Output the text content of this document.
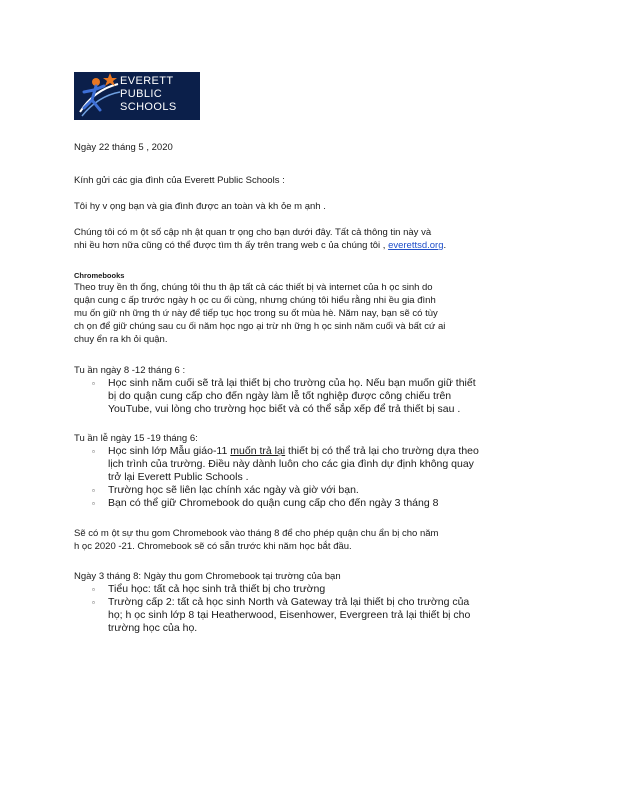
EVERETT
PUBLIC
SCHOOLS

Ngày 22 tháng 5 , 2020

Kính gửi các gia đình của Everett Public Schools :

Tôi hy v ọng bạn và gia đình được an toàn và kh ỏe m ạnh .

Chúng tôi có m ột số cập nh ật quan tr ọng cho bạn dưới đây. Tất cả thông tin này và
nhi ều hơn nữa cũng có thể được tìm th ấy trên trang web c ủa chúng tôi , everettsd.org.
Chromebooks
Theo truy ền th ống, chúng tôi thu th ập tất cả các thiết bị và internet của h ọc sinh do
quận cung c ấp trước ngày h ọc cu ối cùng, nhưng chúng tôi hiểu rằng nhi ều gia đình
mu ốn giữ nh ững th ứ này để tiếp tục học trong su ốt mùa hè. Năm nay, bạn sẽ có tùy
ch ọn để giữ chúng sau cu ối năm học ngo ại trừ nh ững h ọc sinh năm cuối và bất cứ ai
chuy ển ra kh ỏi quận.
Tu ần ngày 8 -12 tháng 6 :
▫ Học sinh năm cuối sẽ trả lại thiết bị cho trường của họ. Nếu bạn muốn giữ thiết
bị do quận cung cấp cho đến ngày làm lễ tốt nghiệp được công chiếu trên
YouTube, vui lòng cho trường học biết và có thể sắp xếp để trả thiết bị sau .
Tu ần lễ ngày 15 -19 tháng 6:
▫ Học sinh lớp Mẫu giáo-11 muốn trả lại thiết bị có thể trả lại cho trường dựa theo
lịch trình của trường. Điều này dành luôn cho các gia đình dự định không quay
trở lại Everett Public Schools .
▫ Trường học sẽ liên lạc chính xác ngày và giờ với bạn.
▫ Bạn có thể giữ Chromebook do quận cung cấp cho đến ngày 3 tháng 8
Sẽ có m ột sự thu gom Chromebook vào tháng 8 để cho phép quận chu ẩn bị cho năm
h ọc 2020 -21. Chromebook sẽ có sẵn trước khi năm học bắt đầu.
Ngày 3 tháng 8: Ngày thu gom Chromebook tại trường của bạn
▫ Tiểu học: tất cả học sinh trả thiết bị cho trường
▫ Trường cấp 2: tất cả học sinh North và Gateway trả lại thiết bị cho trường của
họ; h ọc sinh lớp 8 tại Heatherwood, Eisenhower, Evergreen trả lại thiết bị cho
trường học của họ.
